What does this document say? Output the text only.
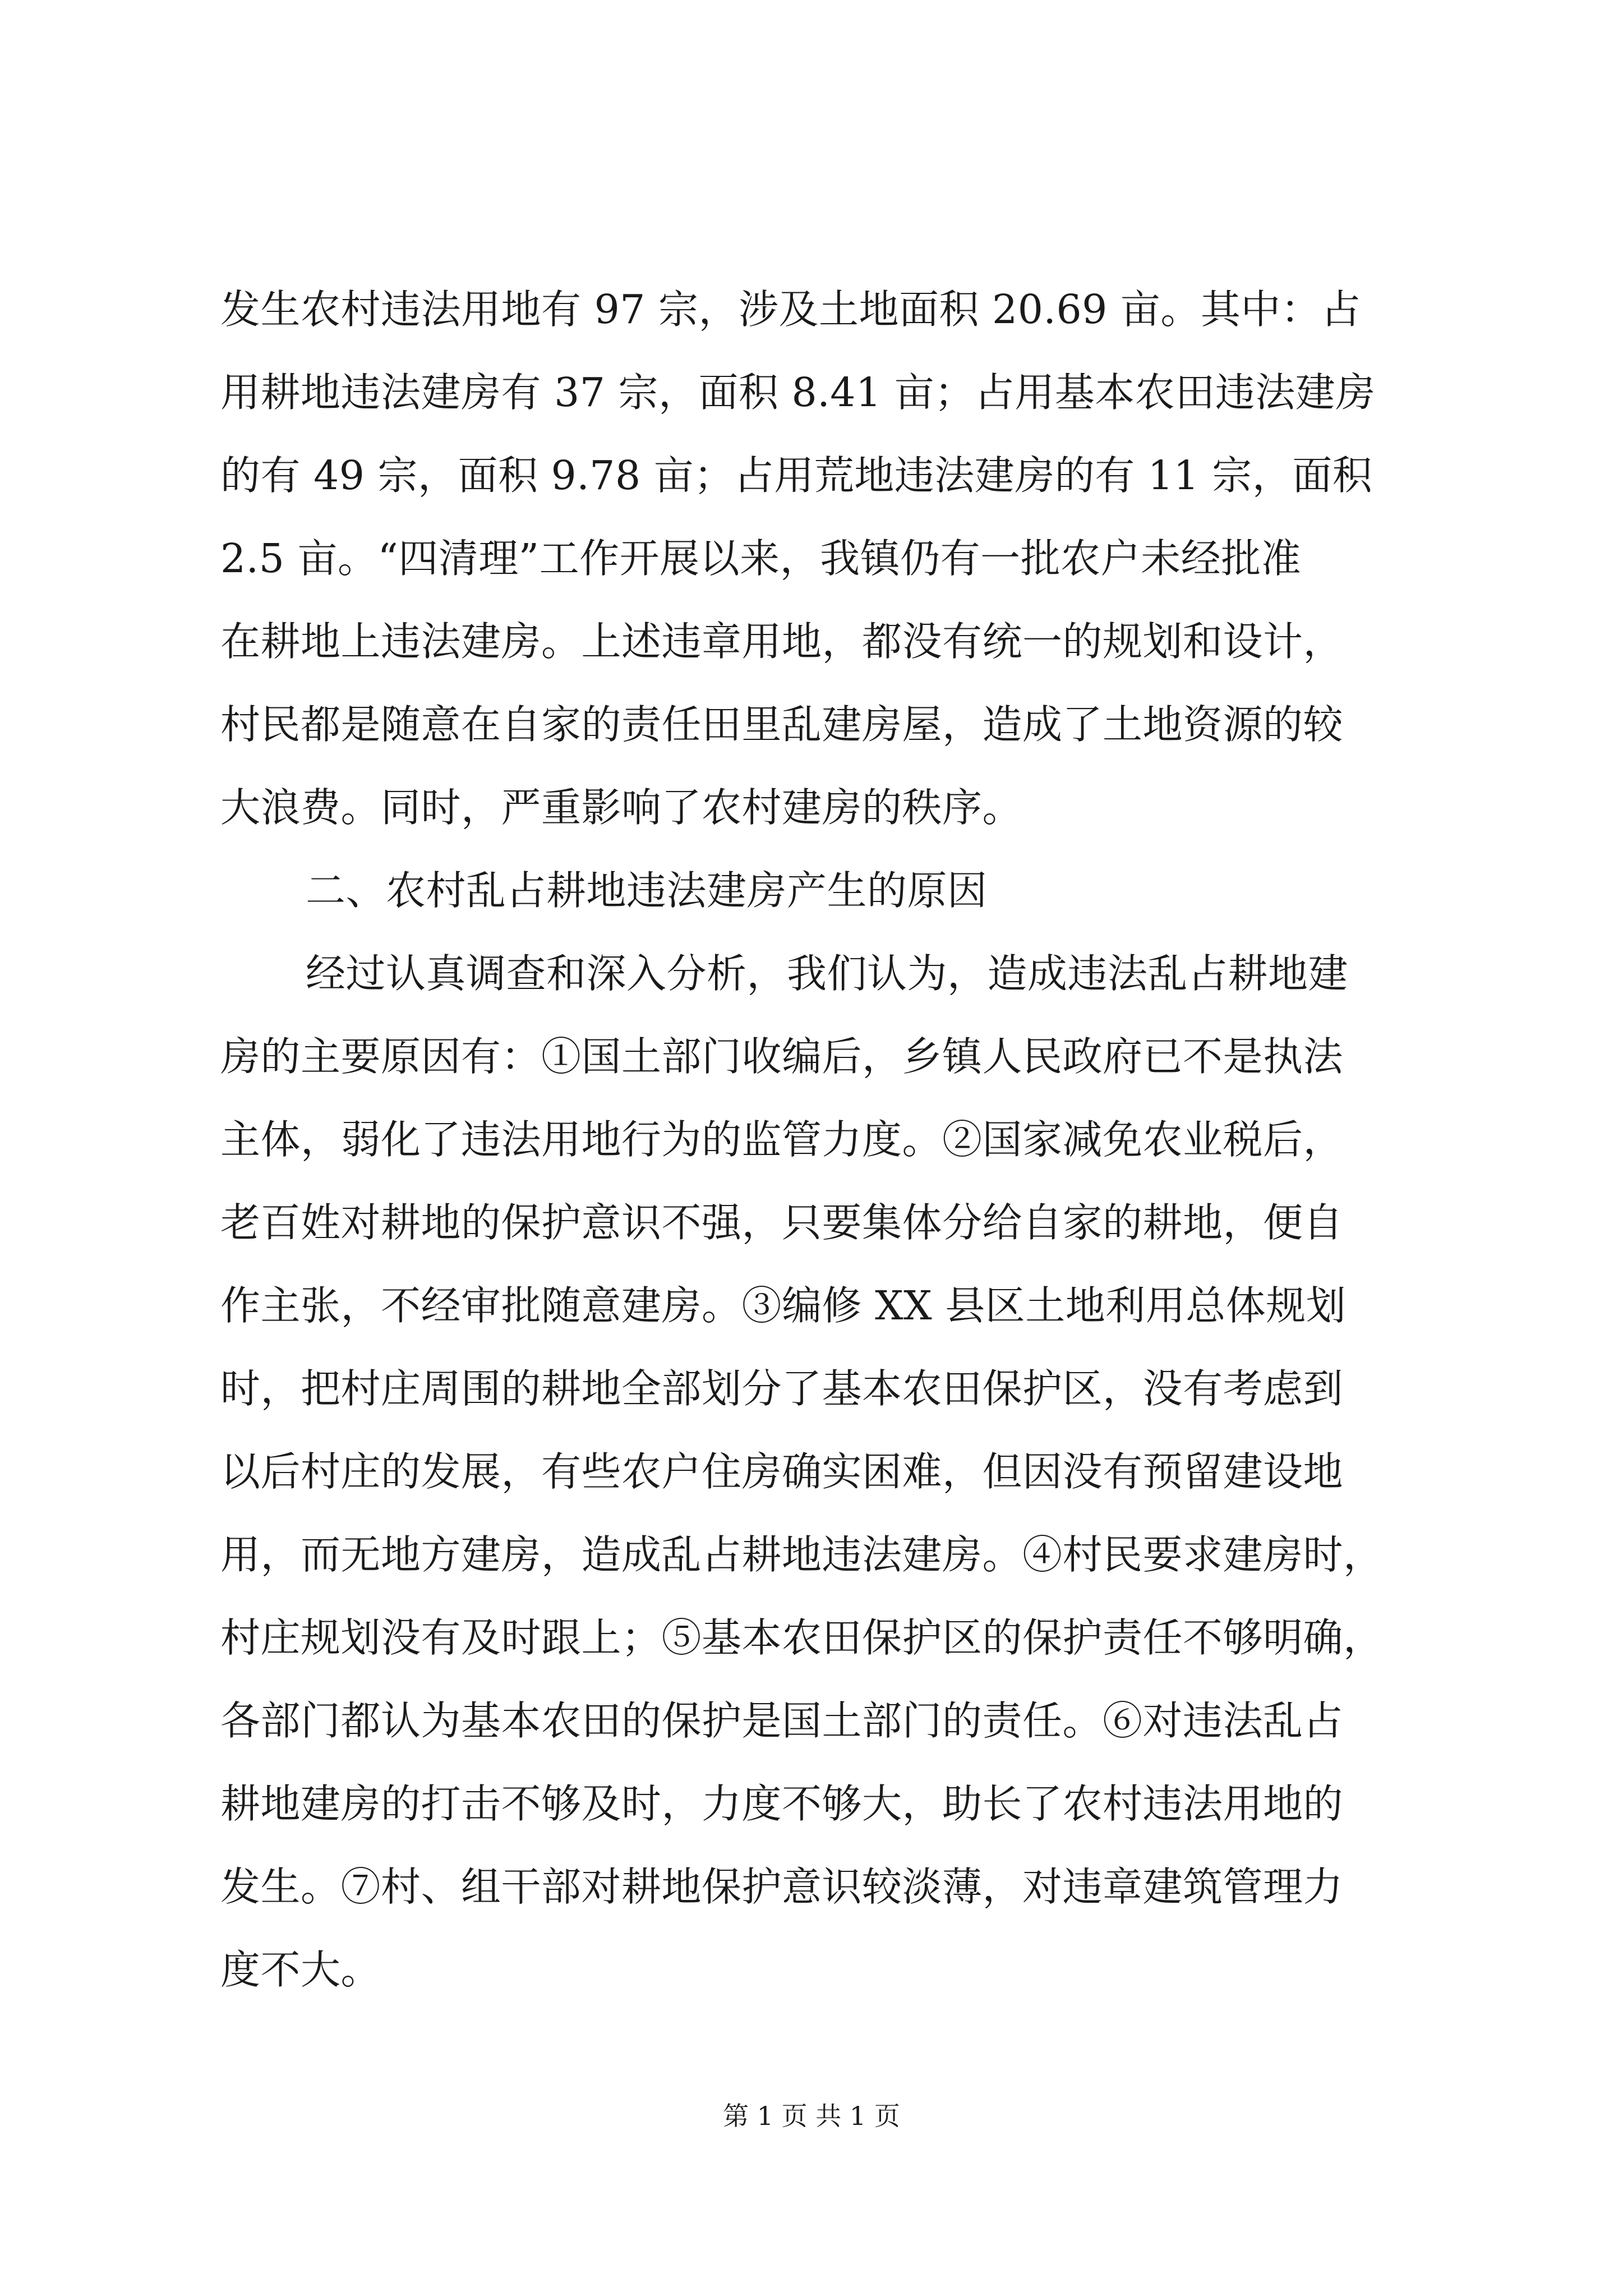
发生农村违法用地有 97 宗，涉及土地面积 20.69 亩。其中：占
用耕地违法建房有 37 宗，面积 8.41 亩；占用基本农田违法建房
的有 49 宗，面积 9.78 亩；占用荒地违法建房的有 11 宗，面积
2.5 亩。“四清理”工作开展以来，我镇仍有一批农户未经批准
在耕地上违法建房。上述违章用地，都没有统一的规划和设计，
村民都是随意在自家的责任田里乱建房屋，造成了土地资源的较
大浪费。同时，严重影响了农村建房的秩序。
二、农村乱占耕地违法建房产生的原因
经过认真调查和深入分析，我们认为，造成违法乱占耕地建
房的主要原因有：①国土部门收编后，乡镇人民政府已不是执法
主体，弱化了违法用地行为的监管力度。②国家减免农业税后，
老百姓对耕地的保护意识不强，只要集体分给自家的耕地，便自
作主张，不经审批随意建房。③编修 XX 县区土地利用总体规划
时，把村庄周围的耕地全部划分了基本农田保护区，没有考虑到
以后村庄的发展，有些农户住房确实困难，但因没有预留建设地
用，而无地方建房，造成乱占耕地违法建房。④村民要求建房时，
村庄规划没有及时跟上；⑤基本农田保护区的保护责任不够明确，
各部门都认为基本农田的保护是国土部门的责任。⑥对违法乱占
耕地建房的打击不够及时，力度不够大，助长了农村违法用地的
发生。⑦村、组干部对耕地保护意识较淡薄，对违章建筑管理力
度不大。
第 1 页 共 1 页
